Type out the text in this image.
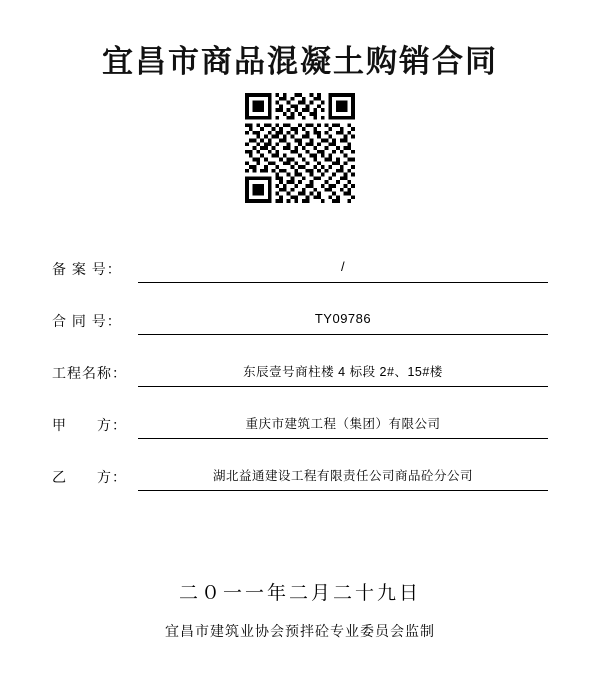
宜昌市商品混凝土购销合同
备 案 号：	/
合 同 号：	TY09786
工程名称：	东辰壹号商柱楼 4 标段 2#、15#楼
甲　　方：	重庆市建筑工程（集团）有限公司
乙　　方：	湖北益通建设工程有限责任公司商品砼分公司
二０一一年二月二十九日
宜昌市建筑业协会预拌砼专业委员会监制
